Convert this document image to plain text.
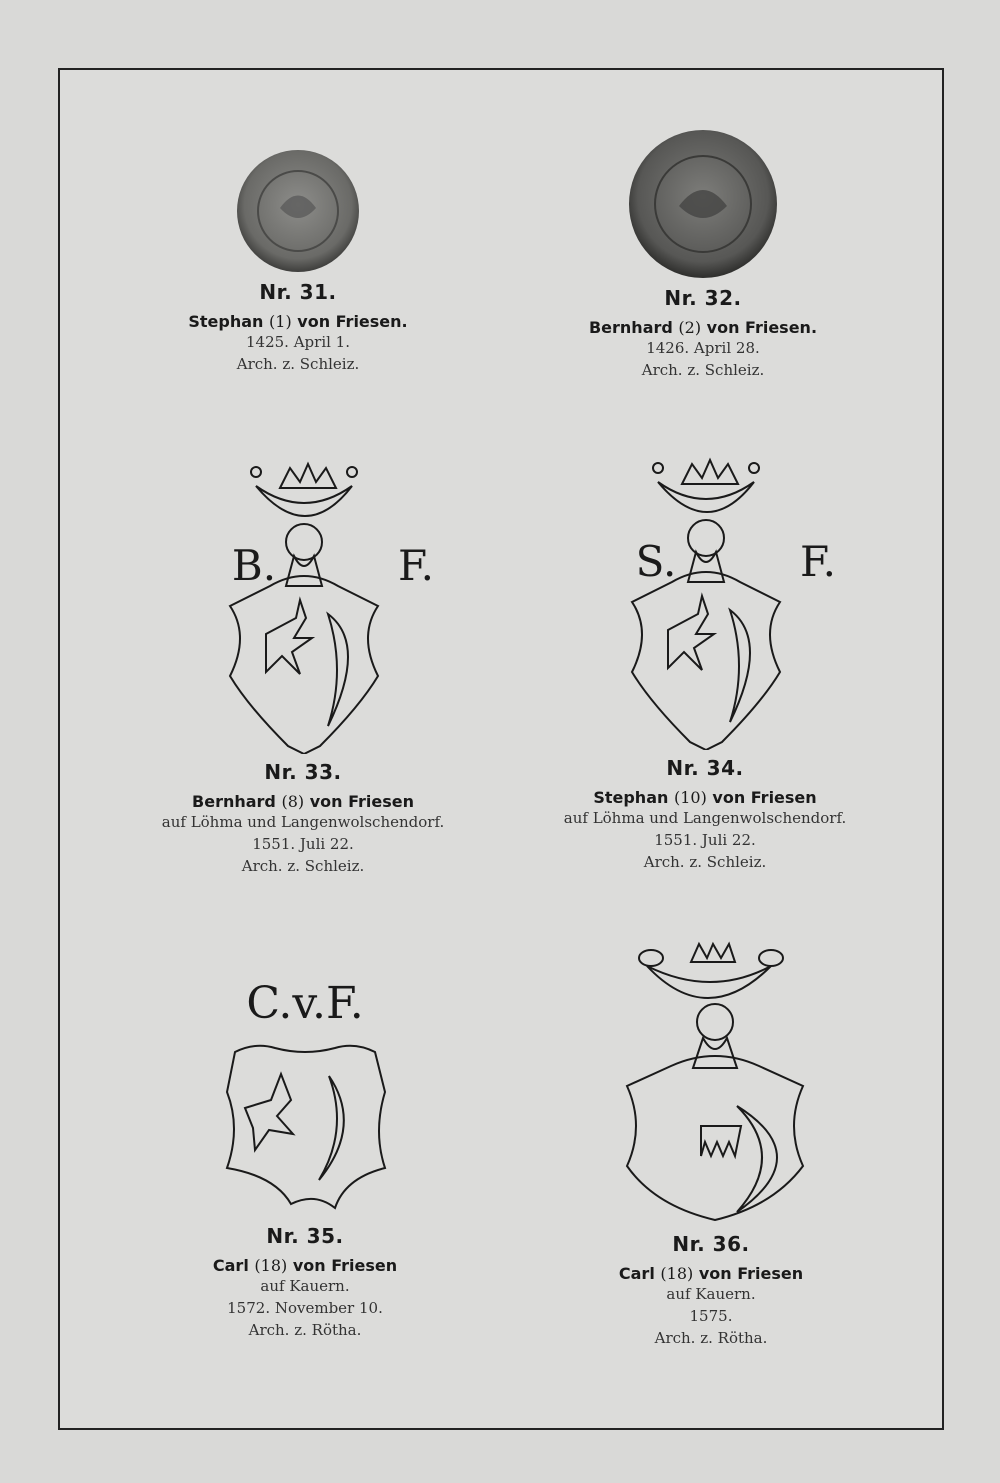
Nr. 31.
Stephan (1) von Friesen.
1425. April 1.
Arch. z. Schleiz.
Nr. 32.
Bernhard (2) von Friesen.
1426. April 28.
Arch. z. Schleiz.
B.	F.
Nr. 33.
Bernhard (8) von Friesen
auf Löhma und Langenwolschendorf.
1551. Juli 22.
Arch. z. Schleiz.
S.	F.
Nr. 34.
Stephan (10) von Friesen
auf Löhma und Langenwolschendorf.
1551. Juli 22.
Arch. z. Schleiz.
C.v.F.
Nr. 35.
Carl (18) von Friesen
auf Kauern.
1572. November 10.
Arch. z. Rötha.
Nr. 36.
Carl (18) von Friesen
auf Kauern.
1575.
Arch. z. Rötha.
